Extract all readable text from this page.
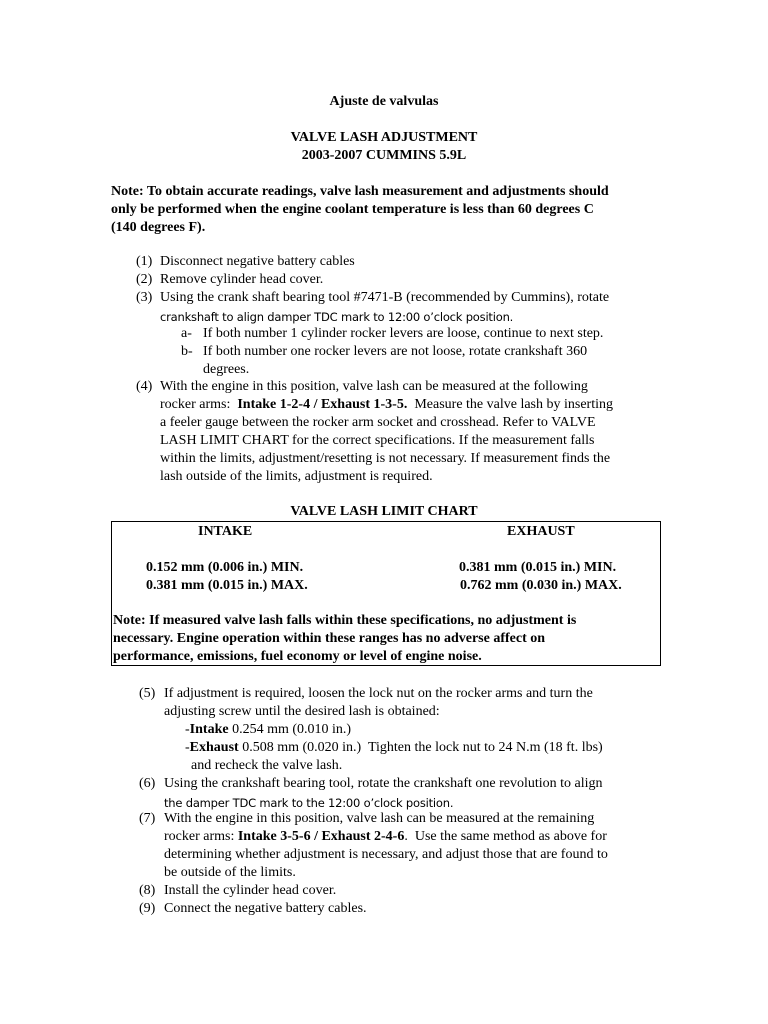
Ajuste de valvulas
VALVE LASH ADJUSTMENT
2003-2007 CUMMINS 5.9L
Note: To obtain accurate readings, valve lash measurement and adjustments should
only be performed when the engine coolant temperature is less than 60 degrees C
(140 degrees F).
(1) Disconnect negative battery cables
(2) Remove cylinder head cover.
(3) Using the crank shaft bearing tool #7471-B (recommended by Cummins), rotate
crankshaft to align damper TDC mark to 12:00 o’clock position.
a- If both number 1 cylinder rocker levers are loose, continue to next step.
b- If both number one rocker levers are not loose, rotate crankshaft 360
degrees.
(4) With the engine in this position, valve lash can be measured at the following
rocker arms:  Intake 1-2-4 / Exhaust 1-3-5.  Measure the valve lash by inserting
a feeler gauge between the rocker arm socket and crosshead. Refer to VALVE
LASH LIMIT CHART for the correct specifications. If the measurement falls
within the limits, adjustment/resetting is not necessary. If measurement finds the
lash outside of the limits, adjustment is required.
VALVE LASH LIMIT CHART
INTAKE	EXHAUST
0.152 mm (0.006 in.) MIN.
0.381 mm (0.015 in.) MAX.
0.381 mm (0.015 in.) MIN.
0.762 mm (0.030 in.) MAX.
Note: If measured valve lash falls within these specifications, no adjustment is
necessary. Engine operation within these ranges has no adverse affect on
performance, emissions, fuel economy or level of engine noise.
(5) If adjustment is required, loosen the lock nut on the rocker arms and turn the
adjusting screw until the desired lash is obtained:
-Intake 0.254 mm (0.010 in.)
-Exhaust 0.508 mm (0.020 in.)  Tighten the lock nut to 24 N.m (18 ft. lbs)
and recheck the valve lash.
(6) Using the crankshaft bearing tool, rotate the crankshaft one revolution to align
the damper TDC mark to the 12:00 o’clock position.
(7) With the engine in this position, valve lash can be measured at the remaining
rocker arms: Intake 3-5-6 / Exhaust 2-4-6.  Use the same method as above for
determining whether adjustment is necessary, and adjust those that are found to
be outside of the limits.
(8) Install the cylinder head cover.
(9) Connect the negative battery cables.
